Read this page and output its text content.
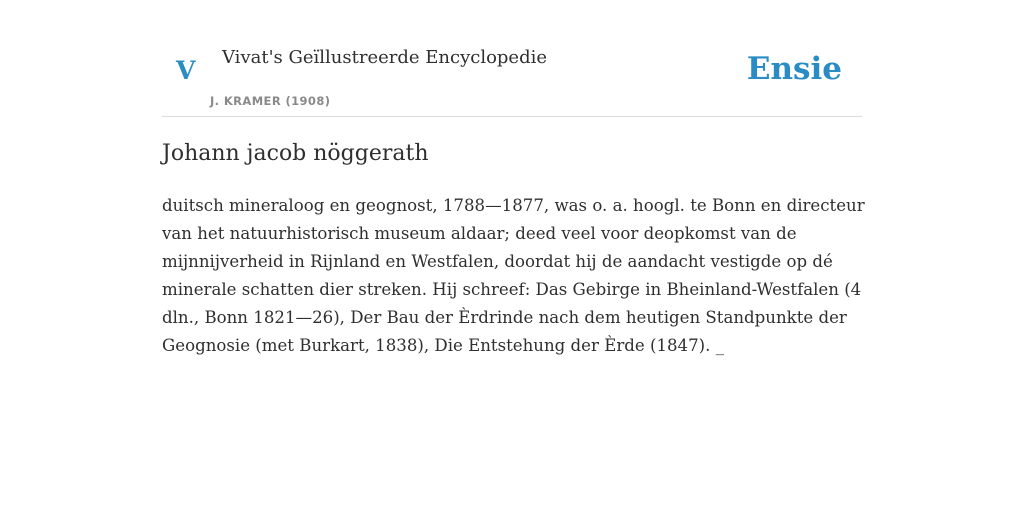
V Vivat's Geïllustreerde Encyclopedie
J. KRAMER (1908)
Ensie
Johann jacob nöggerath

duitsch mineraloog en geognost, 1788—1877, was o. a. hoogl. te Bonn en directeur
van het natuurhistorisch museum aldaar; deed veel voor deopkomst van de
mijnnijverheid in Rijnland en Westfalen, doordat hij de aandacht vestigde op dé
minerale schatten dier streken. Hij schreef: Das Gebirge in Bheinland-Westfalen (4
dln., Bonn 1821—26), Der Bau der Èrdrinde nach dem heutigen Standpunkte der
Geognosie (met Burkart, 1838), Die Entstehung der Èrde (1847). _
